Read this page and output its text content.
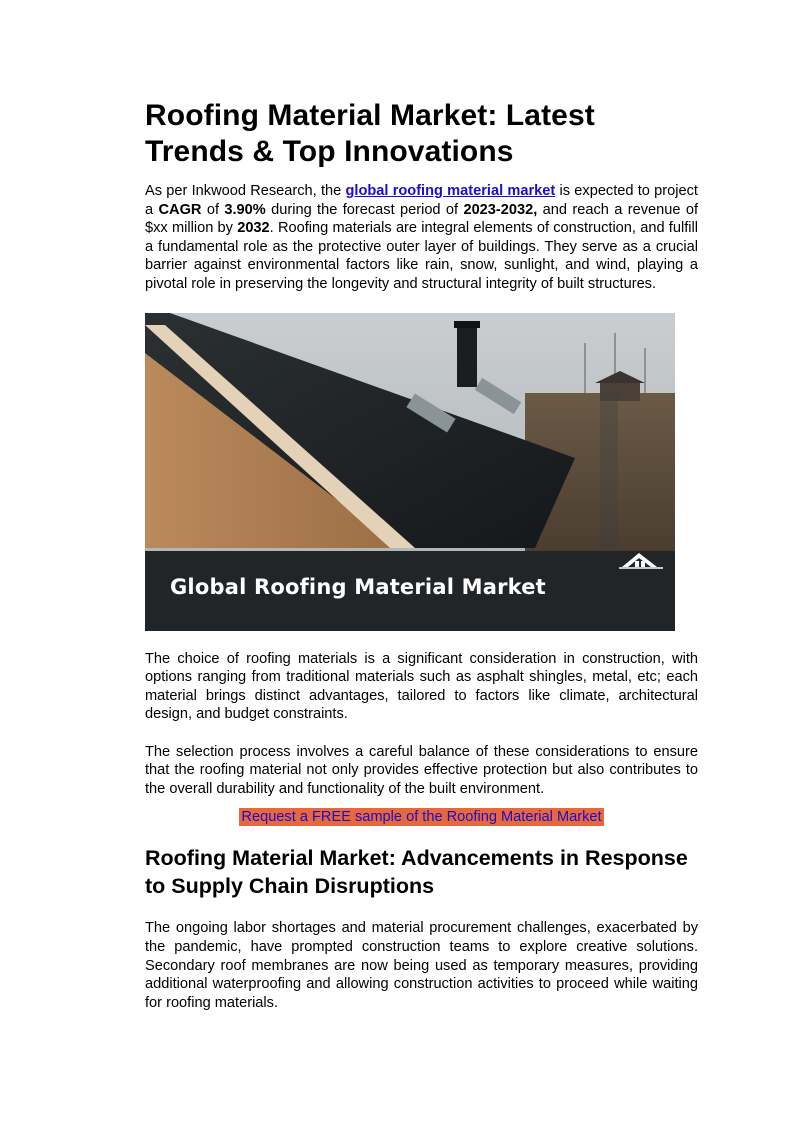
Roofing Material Market: Latest Trends & Top Innovations

As per Inkwood Research, the global roofing material market is expected to project a CAGR of 3.90% during the forecast period of 2023-2032, and reach a revenue of $xx million by 2032. Roofing materials are integral elements of construction, and fulfill a fundamental role as the protective outer layer of buildings. They serve as a crucial barrier against environmental factors like rain, snow, sunlight, and wind, playing a pivotal role in preserving the longevity and structural integrity of built structures.

Global Roofing Material Market

The choice of roofing materials is a significant consideration in construction, with options ranging from traditional materials such as asphalt shingles, metal, etc; each material brings distinct advantages, tailored to factors like climate, architectural design, and budget constraints.

The selection process involves a careful balance of these considerations to ensure that the roofing material not only provides effective protection but also contributes to the overall durability and functionality of the built environment.

Request a FREE sample of the Roofing Material Market
Roofing Material Market: Advancements in Response to Supply Chain Disruptions

The ongoing labor shortages and material procurement challenges, exacerbated by the pandemic, have prompted construction teams to explore creative solutions. Secondary roof membranes are now being used as temporary measures, providing additional waterproofing and allowing construction activities to proceed while waiting for roofing materials.
